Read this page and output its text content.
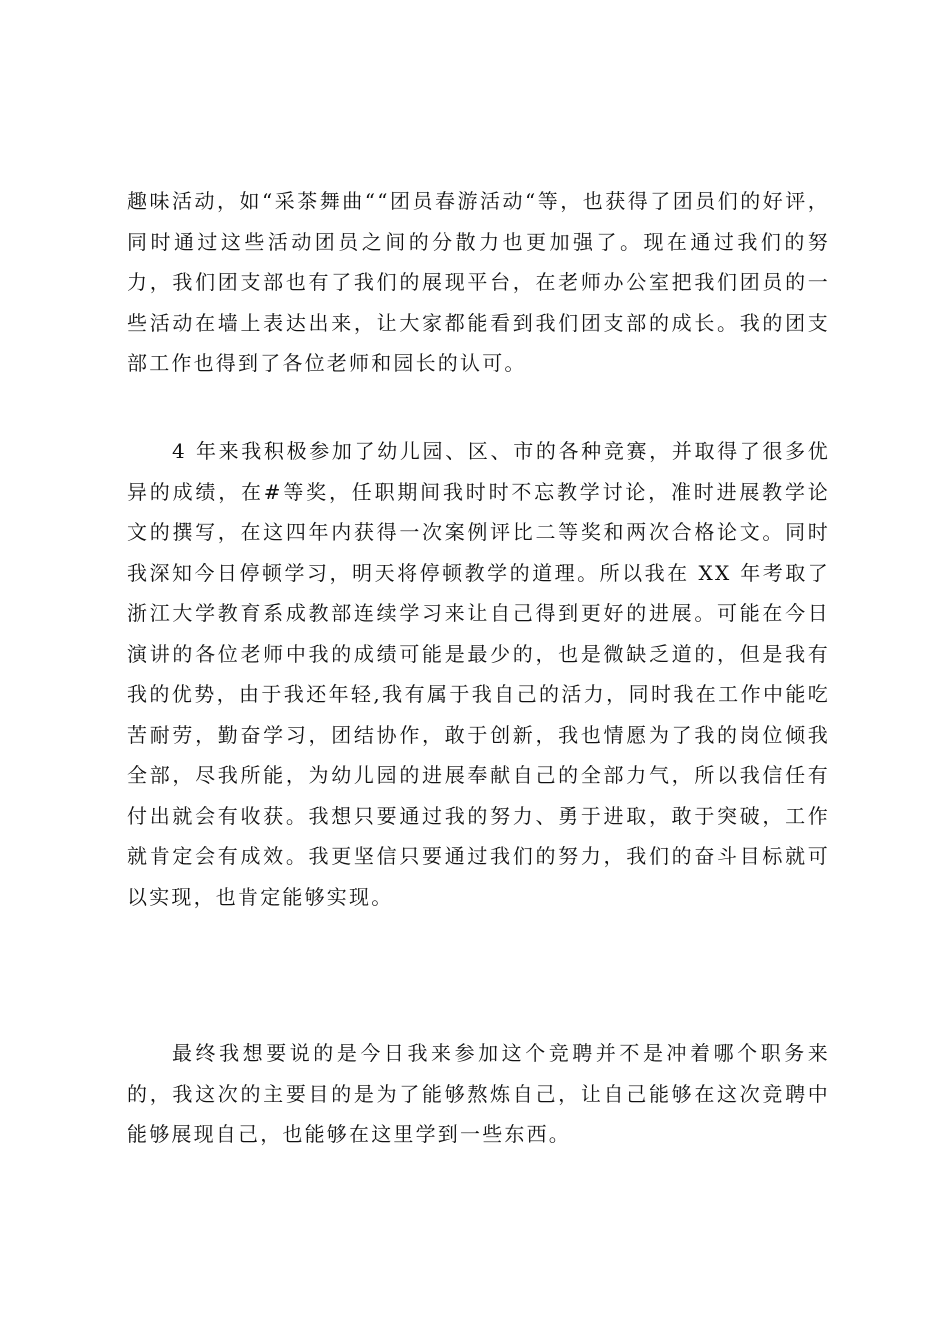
趣味活动，如“采茶舞曲““团员春游活动“等，也获得了团员们的好评，同时通过这些活动团员之间的分散力也更加强了。现在通过我们的努力，我们团支部也有了我们的展现平台，在老师办公室把我们团员的一些活动在墙上表达出来，让大家都能看到我们团支部的成长。我的团支部工作也得到了各位老师和园长的认可。

4 年来我积极参加了幼儿园、区、市的各种竞赛，并取得了很多优异的成绩，在#等奖，任职期间我时时不忘教学讨论，准时进展教学论文的撰写，在这四年内获得一次案例评比二等奖和两次合格论文。同时我深知今日停顿学习，明天将停顿教学的道理。所以我在 XX 年考取了浙江大学教育系成教部连续学习来让自己得到更好的进展。可能在今日演讲的各位老师中我的成绩可能是最少的，也是微缺乏道的，但是我有我的优势，由于我还年轻,我有属于我自己的活力，同时我在工作中能吃苦耐劳，勤奋学习，团结协作，敢于创新，我也情愿为了我的岗位倾我全部，尽我所能，为幼儿园的进展奉献自己的全部力气，所以我信任有付出就会有收获。我想只要通过我的努力、勇于进取，敢于突破，工作就肯定会有成效。我更坚信只要通过我们的努力，我们的奋斗目标就可以实现，也肯定能够实现。

最终我想要说的是今日我来参加这个竞聘并不是冲着哪个职务来的，我这次的主要目的是为了能够熬炼自己，让自己能够在这次竞聘中能够展现自己，也能够在这里学到一些东西。
